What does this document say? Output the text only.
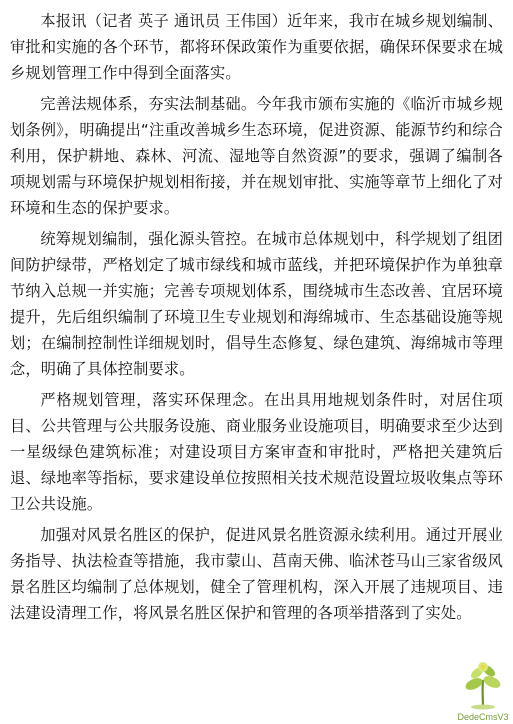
本报讯（记者 英子 通讯员 王伟国）近年来，我市在城乡规划编制、审批和实施的各个环节，都将环保政策作为重要依据，确保环保要求在城乡规划管理工作中得到全面落实。

完善法规体系，夯实法制基础。今年我市颁布实施的《临沂市城乡规划条例》，明确提出“注重改善城乡生态环境，促进资源、能源节约和综合利用，保护耕地、森林、河流、湿地等自然资源”的要求，强调了编制各项规划需与环境保护规划相衔接，并在规划审批、实施等章节上细化了对环境和生态的保护要求。

统筹规划编制，强化源头管控。在城市总体规划中，科学规划了组团间防护绿带，严格划定了城市绿线和城市蓝线，并把环境保护作为单独章节纳入总规一并实施；完善专项规划体系，围绕城市生态改善、宜居环境提升，先后组织编制了环境卫生专业规划和海绵城市、生态基础设施等规划；在编制控制性详细规划时，倡导生态修复、绿色建筑、海绵城市等理念，明确了具体控制要求。

严格规划管理，落实环保理念。在出具用地规划条件时，对居住项目、公共管理与公共服务设施、商业服务业设施项目，明确要求至少达到一星级绿色建筑标准；对建设项目方案审查和审批时，严格把关建筑后退、绿地率等指标，要求建设单位按照相关技术规范设置垃圾收集点等环卫公共设施。

加强对风景名胜区的保护，促进风景名胜资源永续利用。通过开展业务指导、执法检查等措施，我市蒙山、莒南天佛、临沭苍马山三家省级风景名胜区均编制了总体规划，健全了管理机构，深入开展了违规项目、违法建设清理工作，将风景名胜区保护和管理的各项举措落到了实处。

DedeCmsV3
